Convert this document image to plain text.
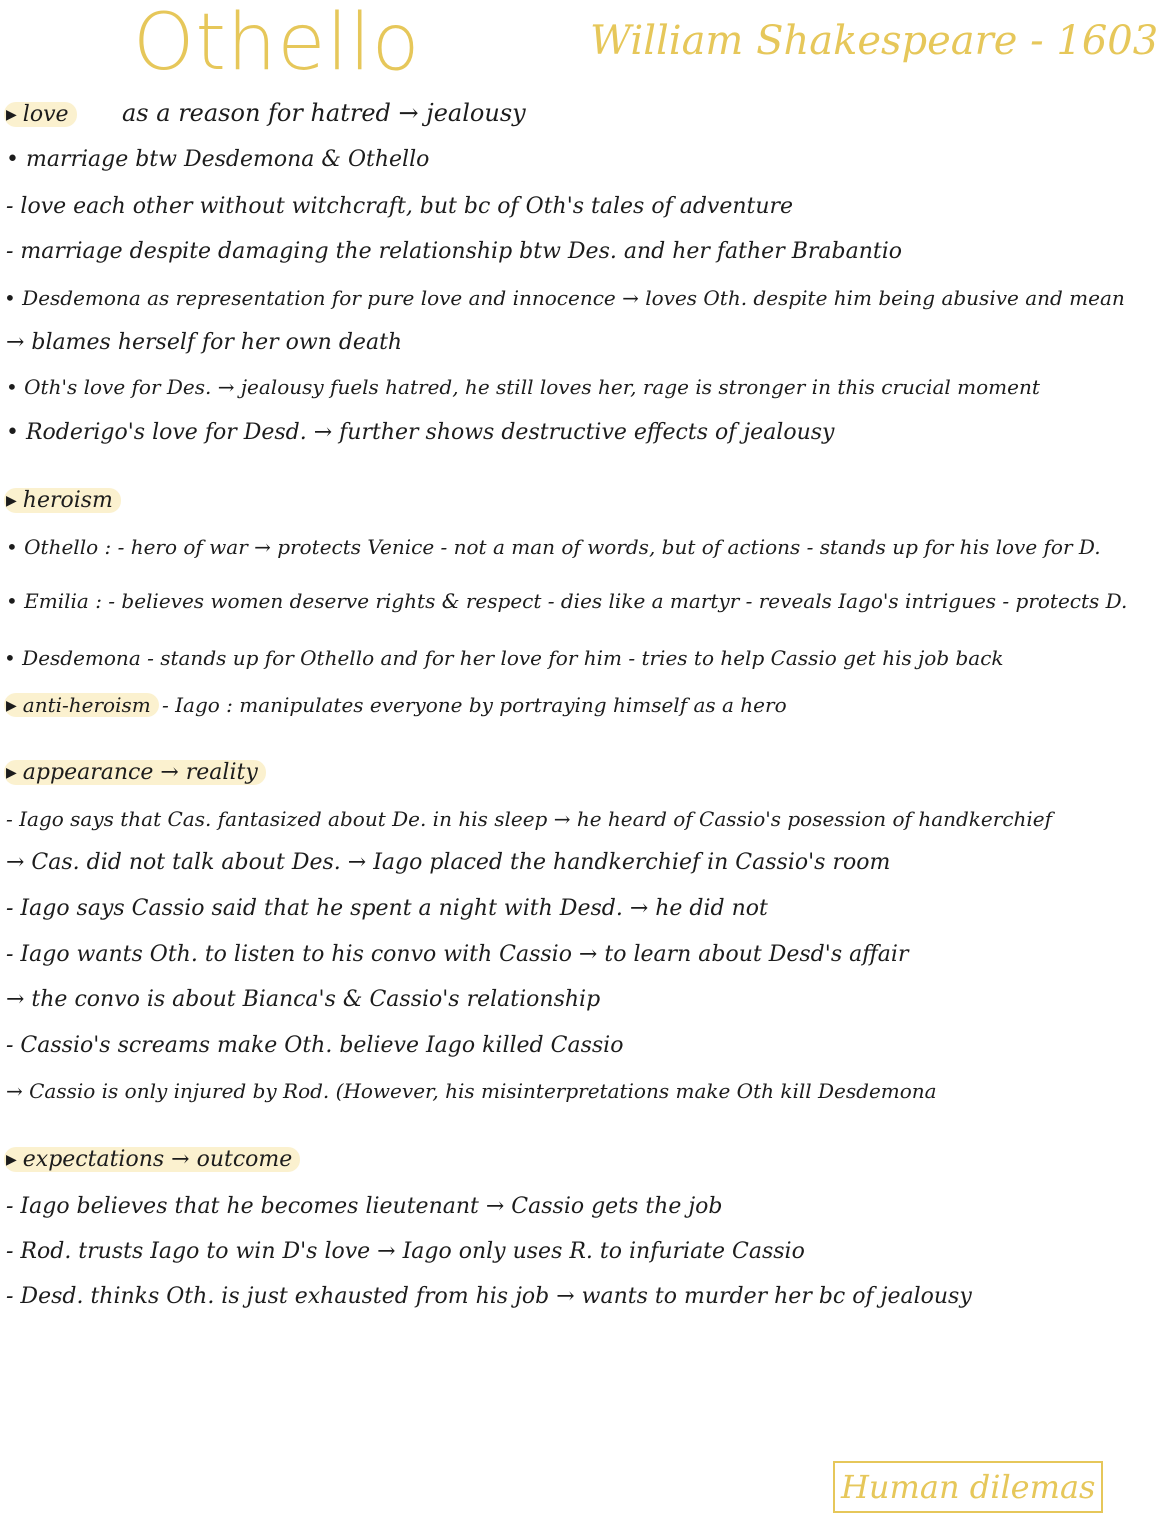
Othello	William Shakespeare - 1603
▶ love	as a reason for hatred → jealousy
• marriage btw Desdemona & Othello
- love each other without witchcraft, but bc of Oth's tales of adventure
- marriage despite damaging the relationship btw Des. and her father Brabantio
• Desdemona as representation for pure love and innocence → loves Oth. despite him being abusive and mean
→ blames herself for her own death
• Oth's love for Des. → jealousy fuels hatred, he still loves her, rage is stronger in this crucial moment
• Roderigo's love for Desd. → further shows destructive effects of jealousy
▶ heroism
• Othello : - hero of war → protects Venice - not a man of words, but of actions - stands up for his love for D.
• Emilia : - believes women deserve rights & respect - dies like a martyr - reveals Iago's intrigues - protects D.
• Desdemona - stands up for Othello and for her love for him - tries to help Cassio get his job back
▶ anti-heroism - Iago : manipulates everyone by portraying himself as a hero
▶ appearance → reality
- Iago says that Cas. fantasized about De. in his sleep → he heard of Cassio's posession of handkerchief
→ Cas. did not talk about Des. → Iago placed the handkerchief in Cassio's room
- Iago says Cassio said that he spent a night with Desd. → he did not
- Iago wants Oth. to listen to his convo with Cassio → to learn about Desd's affair
→ the convo is about Bianca's & Cassio's relationship
- Cassio's screams make Oth. believe Iago killed Cassio
→ Cassio is only injured by Rod. (However, his misinterpretations make Oth kill Desdemona
▶ expectations → outcome
- Iago believes that he becomes lieutenant → Cassio gets the job
- Rod. trusts Iago to win D's love → Iago only uses R. to infuriate Cassio
- Desd. thinks Oth. is just exhausted from his job → wants to murder her bc of jealousy
Human dilemas
